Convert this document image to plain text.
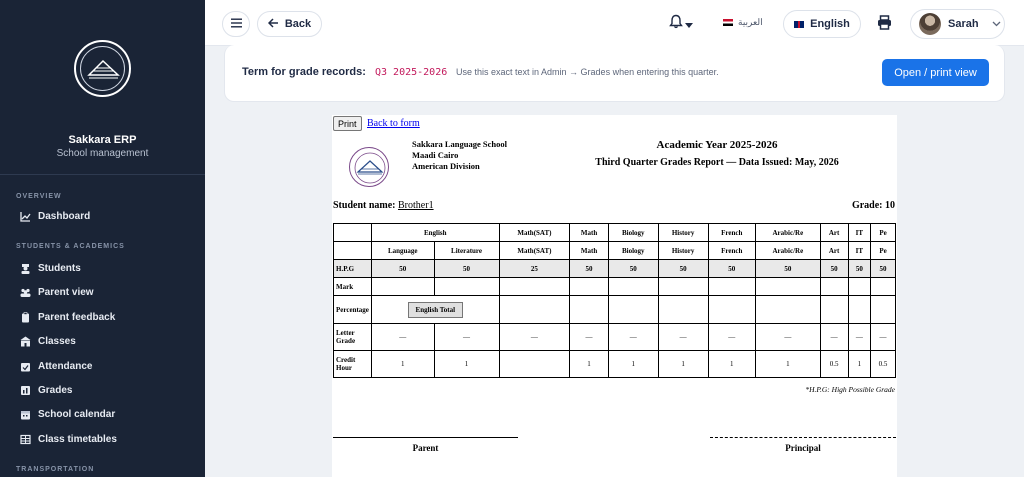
Sakkara ERP
School management
OVERVIEW
Dashboard
STUDENTS & ACADEMICS
Students
Parent view
Parent feedback
Classes
Attendance
Grades
School calendar
Class timetables
TRANSPORTATION
Back	العربية	English	Sarah
Term for grade records: Q3 2025-2026 Use this exact text in Admin → Grades when entering this quarter.	Open / print view
Print	Back to form
Sakkara Language School
Maadi Cairo
American Division
Academic Year 2025-2026
Third Quarter Grades Report — Data Issued: May, 2026
Student name: Brother1	Grade: 10
	English		Math(SAT)	Math	Biology	History	French	Arabic/Re	Art	IT	Pe
	Language	Literature	Math(SAT)	Math	Biology	History	French	Arabic/Re	Art	IT	Pe
H.P.G	50	50	25	50	50	50	50	50	50	50	50
Mark											
Percentage	English Total										
Letter Grade	—	—	—	—	—	—	—	—	—	—	—
Credit Hour	1	1		1	1	1	1	1	0.5	1	0.5
*H.P.G: High Possible Grade
Parent	Principal
